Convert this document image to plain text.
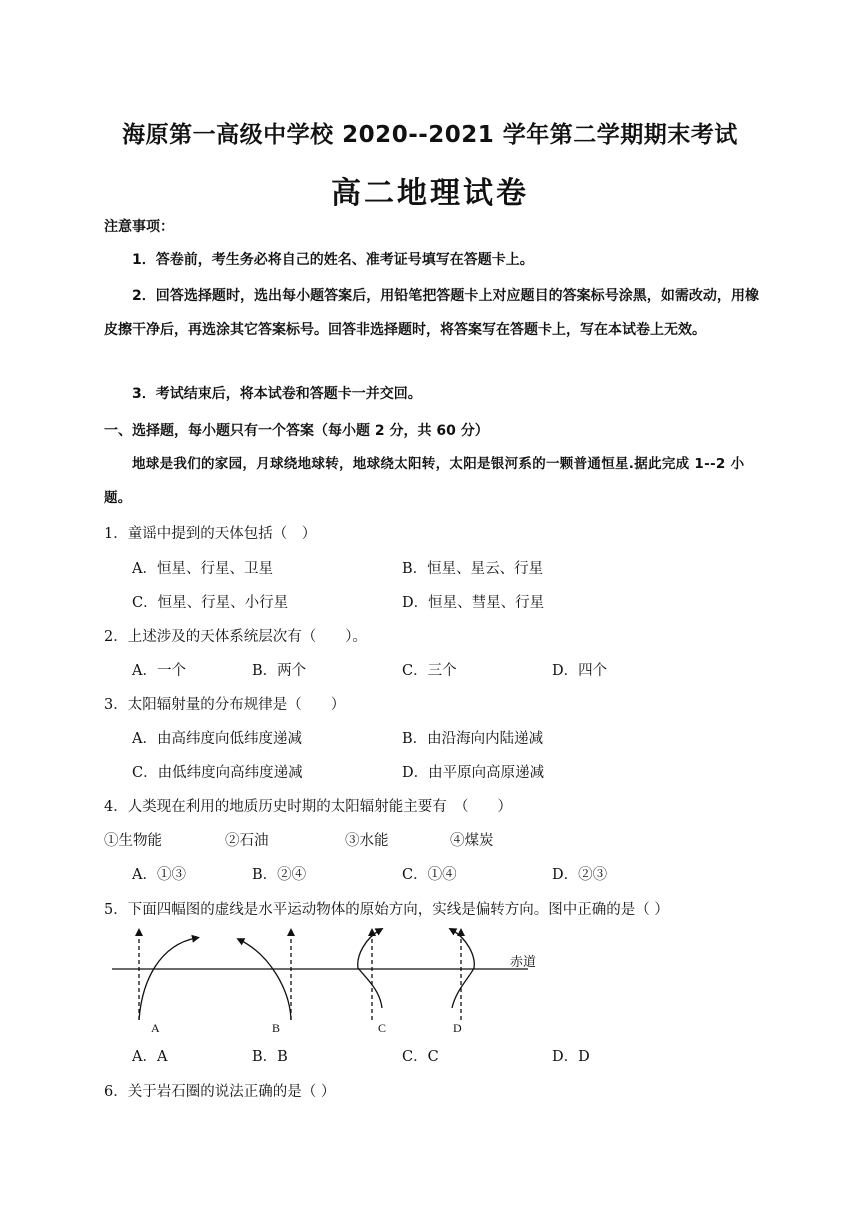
海原第一高级中学校 2020--2021 学年第二学期期末考试
高二地理试卷
注意事项：
1．答卷前，考生务必将自己的姓名、准考证号填写在答题卡上。
2．回答选择题时，选出每小题答案后，用铅笔把答题卡上对应题目的答案标号涂黑，如需改动，用橡皮擦干净后，再选涂其它答案标号。回答非选择题时，将答案写在答题卡上，写在本试卷上无效。
3．考试结束后，将本试卷和答题卡一并交回。
一、选择题，每小题只有一个答案（每小题 2 分，共 60 分）
地球是我们的家园，月球绕地球转，地球绕太阳转，太阳是银河系的一颗普通恒星.据此完成 1--2 小题。
1．童谣中提到的天体包括（　）
A．恒星、行星、卫星	B．恒星、星云、行星
C．恒星、行星、小行星	D．恒星、彗星、行星
2．上述涉及的天体系统层次有（　　）。
A．一个	B．两个	C．三个	D．四个
3．太阳辐射量的分布规律是（　　）
A．由高纬度向低纬度递减	B．由沿海向内陆递减
C．由低纬度向高纬度递减	D．由平原向高原递减
4．人类现在利用的地质历史时期的太阳辐射能主要有　（　　）
①生物能	②石油	③水能	④煤炭
A．①③	B．②④	C．①④	D．②③
5．下面四幅图的虚线是水平运动物体的原始方向，实线是偏转方向。图中正确的是（ ）
赤道
A	B	C	D
A．A	B．B	C．C	D．D
6．关于岩石圈的说法正确的是（ ）
